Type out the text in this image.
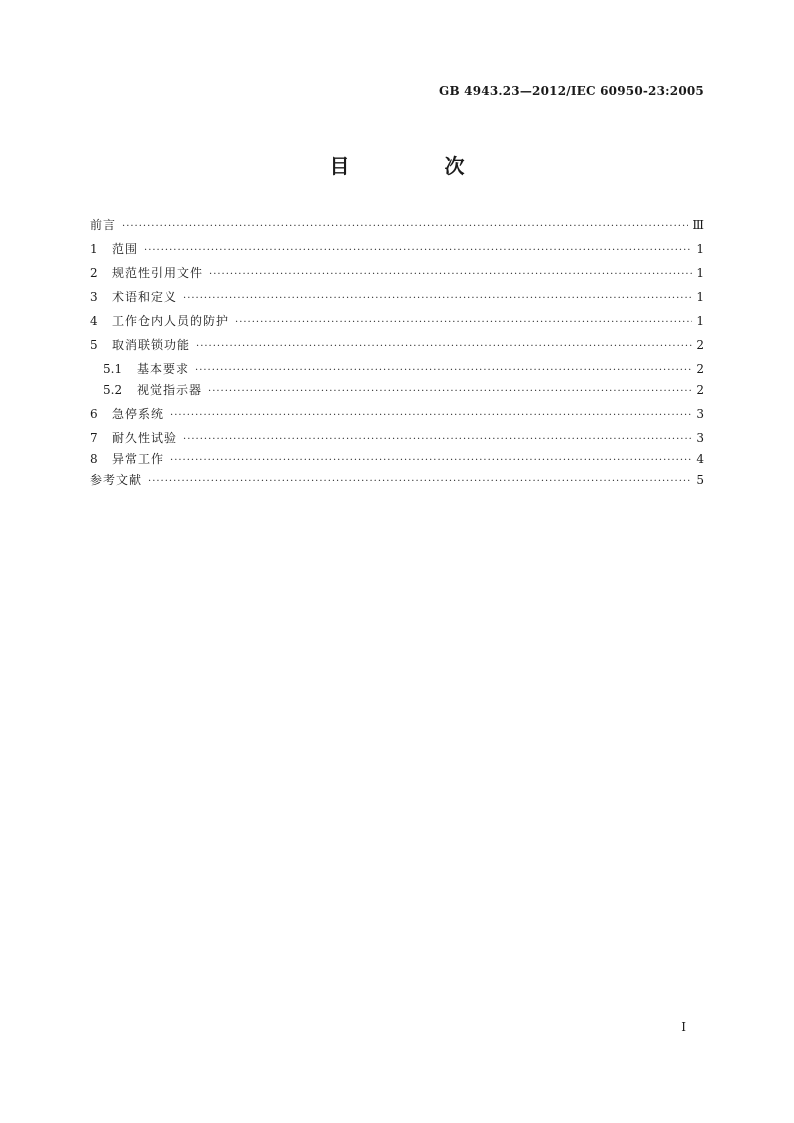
GB 4943.23—2012/IEC 60950-23:2005
目 次
前言 ·····	Ⅲ
1	范围 ·····	1
2	规范性引用文件 ·····	1
3	术语和定义 ·····	1
4	工作仓内人员的防护 ·····	1
5	取消联锁功能 ·····	2
5.1	基本要求 ·····	2
5.2	视觉指示器 ·····	2
6	急停系统 ·····	3
7	耐久性试验 ·····	3
8	异常工作 ·····	4
参考文献 ·····	5
I
